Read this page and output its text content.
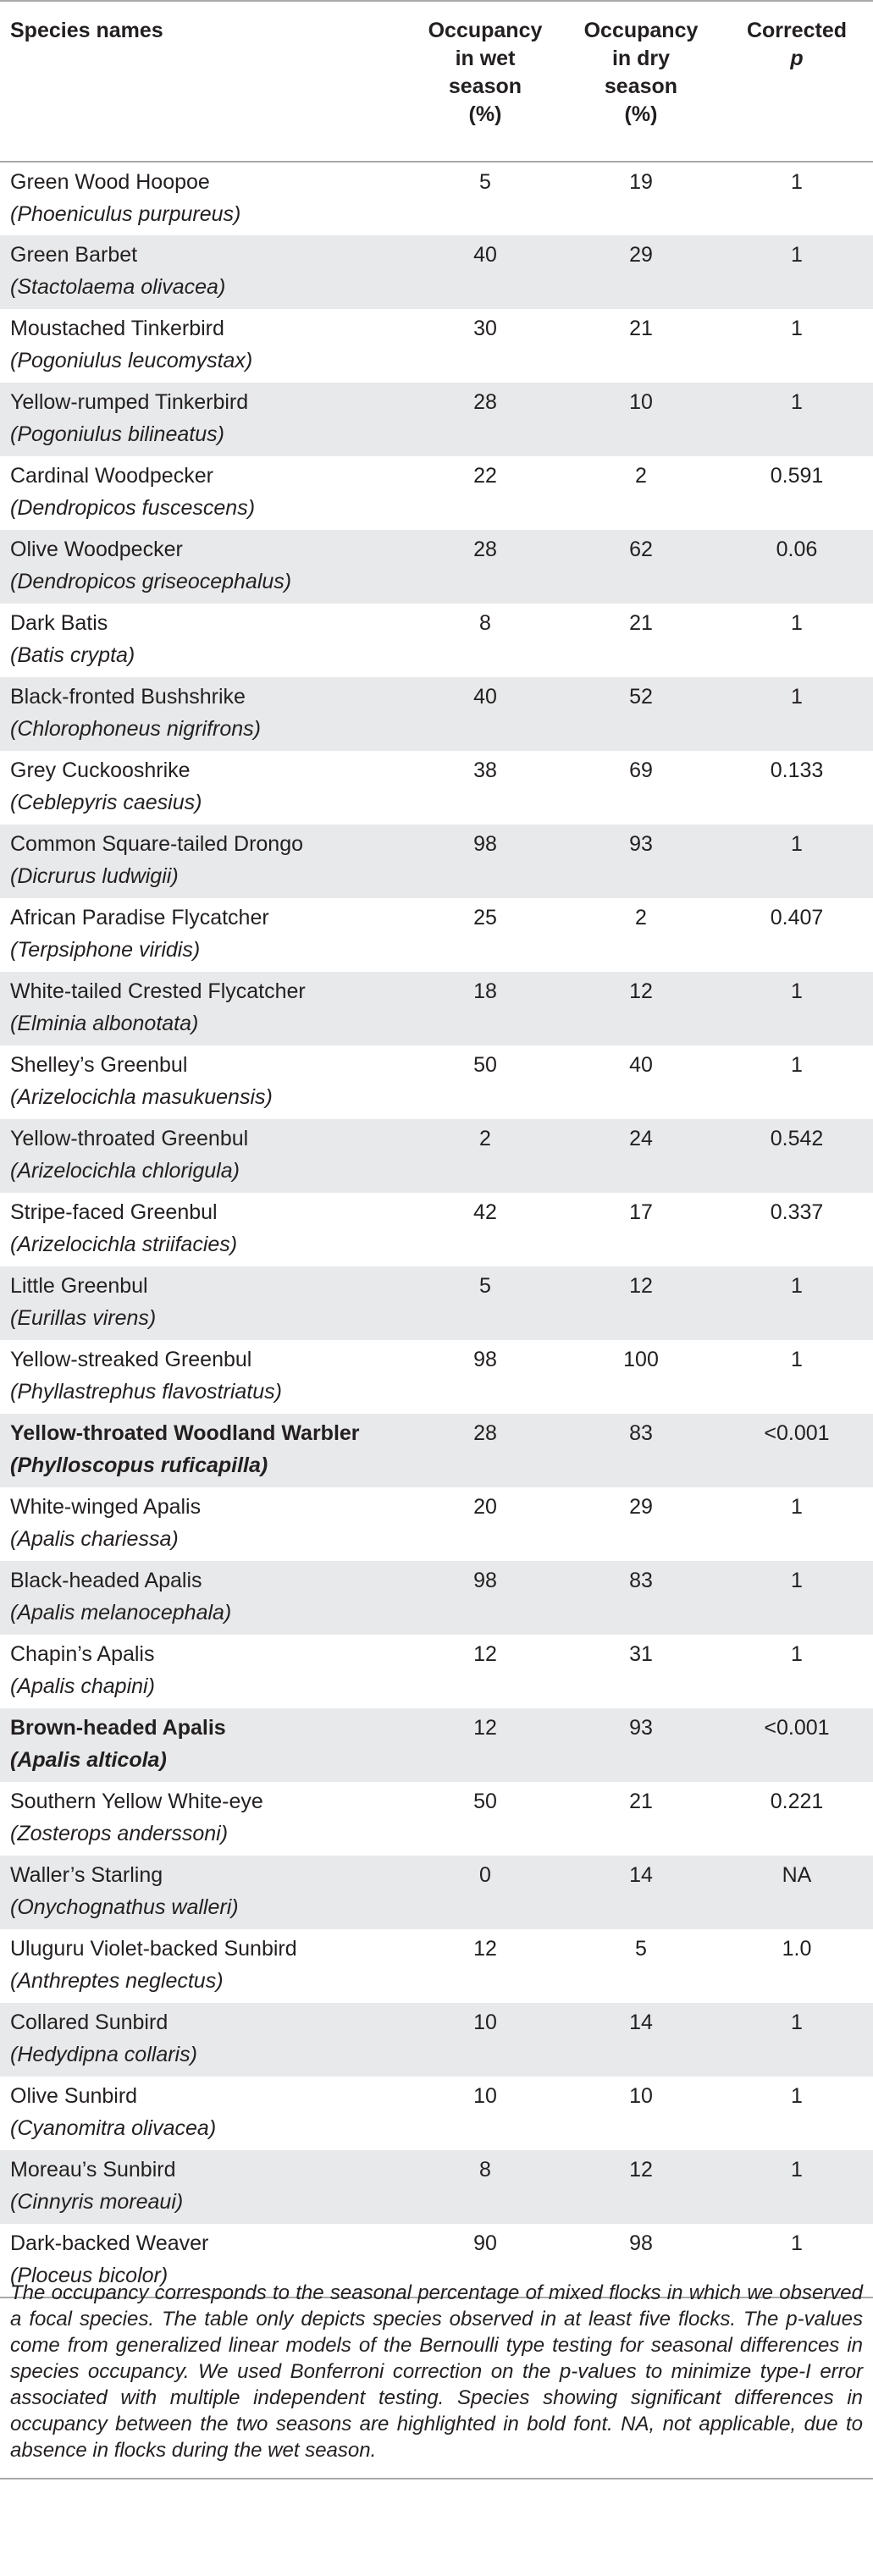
Species names	Occupancy
in wet
season
(%)	Occupancy
in dry
season
(%)	Corrected
p

Green Wood Hoopoe
(Phoeniculus purpureus)	5	19	1

Green Barbet
(Stactolaema olivacea)	40	29	1

Moustached Tinkerbird
(Pogoniulus leucomystax)	30	21	1

Yellow-rumped Tinkerbird
(Pogoniulus bilineatus)	28	10	1

Cardinal Woodpecker
(Dendropicos fuscescens)	22	2	0.591

Olive Woodpecker
(Dendropicos griseocephalus)	28	62	0.06

Dark Batis
(Batis crypta)	8	21	1

Black-fronted Bushshrike
(Chlorophoneus nigrifrons)	40	52	1

Grey Cuckooshrike
(Ceblepyris caesius)	38	69	0.133

Common Square-tailed Drongo
(Dicrurus ludwigii)	98	93	1

African Paradise Flycatcher
(Terpsiphone viridis)	25	2	0.407

White-tailed Crested Flycatcher
(Elminia albonotata)	18	12	1

Shelley’s Greenbul
(Arizelocichla masukuensis)	50	40	1

Yellow-throated Greenbul
(Arizelocichla chlorigula)	2	24	0.542

Stripe-faced Greenbul
(Arizelocichla striifacies)	42	17	0.337

Little Greenbul
(Eurillas virens)	5	12	1

Yellow-streaked Greenbul
(Phyllastrephus flavostriatus)	98	100	1

Yellow-throated Woodland Warbler
(Phylloscopus ruficapilla)	28	83	<0.001

White-winged Apalis
(Apalis chariessa)	20	29	1

Black-headed Apalis
(Apalis melanocephala)	98	83	1

Chapin’s Apalis
(Apalis chapini)	12	31	1

Brown-headed Apalis
(Apalis alticola)	12	93	<0.001

Southern Yellow White-eye
(Zosterops anderssoni)	50	21	0.221

Waller’s Starling
(Onychognathus walleri)	0	14	NA

Uluguru Violet-backed Sunbird
(Anthreptes neglectus)	12	5	1.0

Collared Sunbird
(Hedydipna collaris)	10	14	1

Olive Sunbird
(Cyanomitra olivacea)	10	10	1

Moreau’s Sunbird
(Cinnyris moreaui)	8	12	1

Dark-backed Weaver
(Ploceus bicolor)	90	98	1

The occupancy corresponds to the seasonal percentage of mixed flocks in which we observed a focal species. The table only depicts species observed in at least five flocks. The p-values come from generalized linear models of the Bernoulli type testing for seasonal differences in species occupancy. We used Bonferroni correction on the p-values to minimize type-I error associated with multiple independent testing. Species showing significant differences in occupancy between the two seasons are highlighted in bold font. NA, not applicable, due to absence in flocks during the wet season.
